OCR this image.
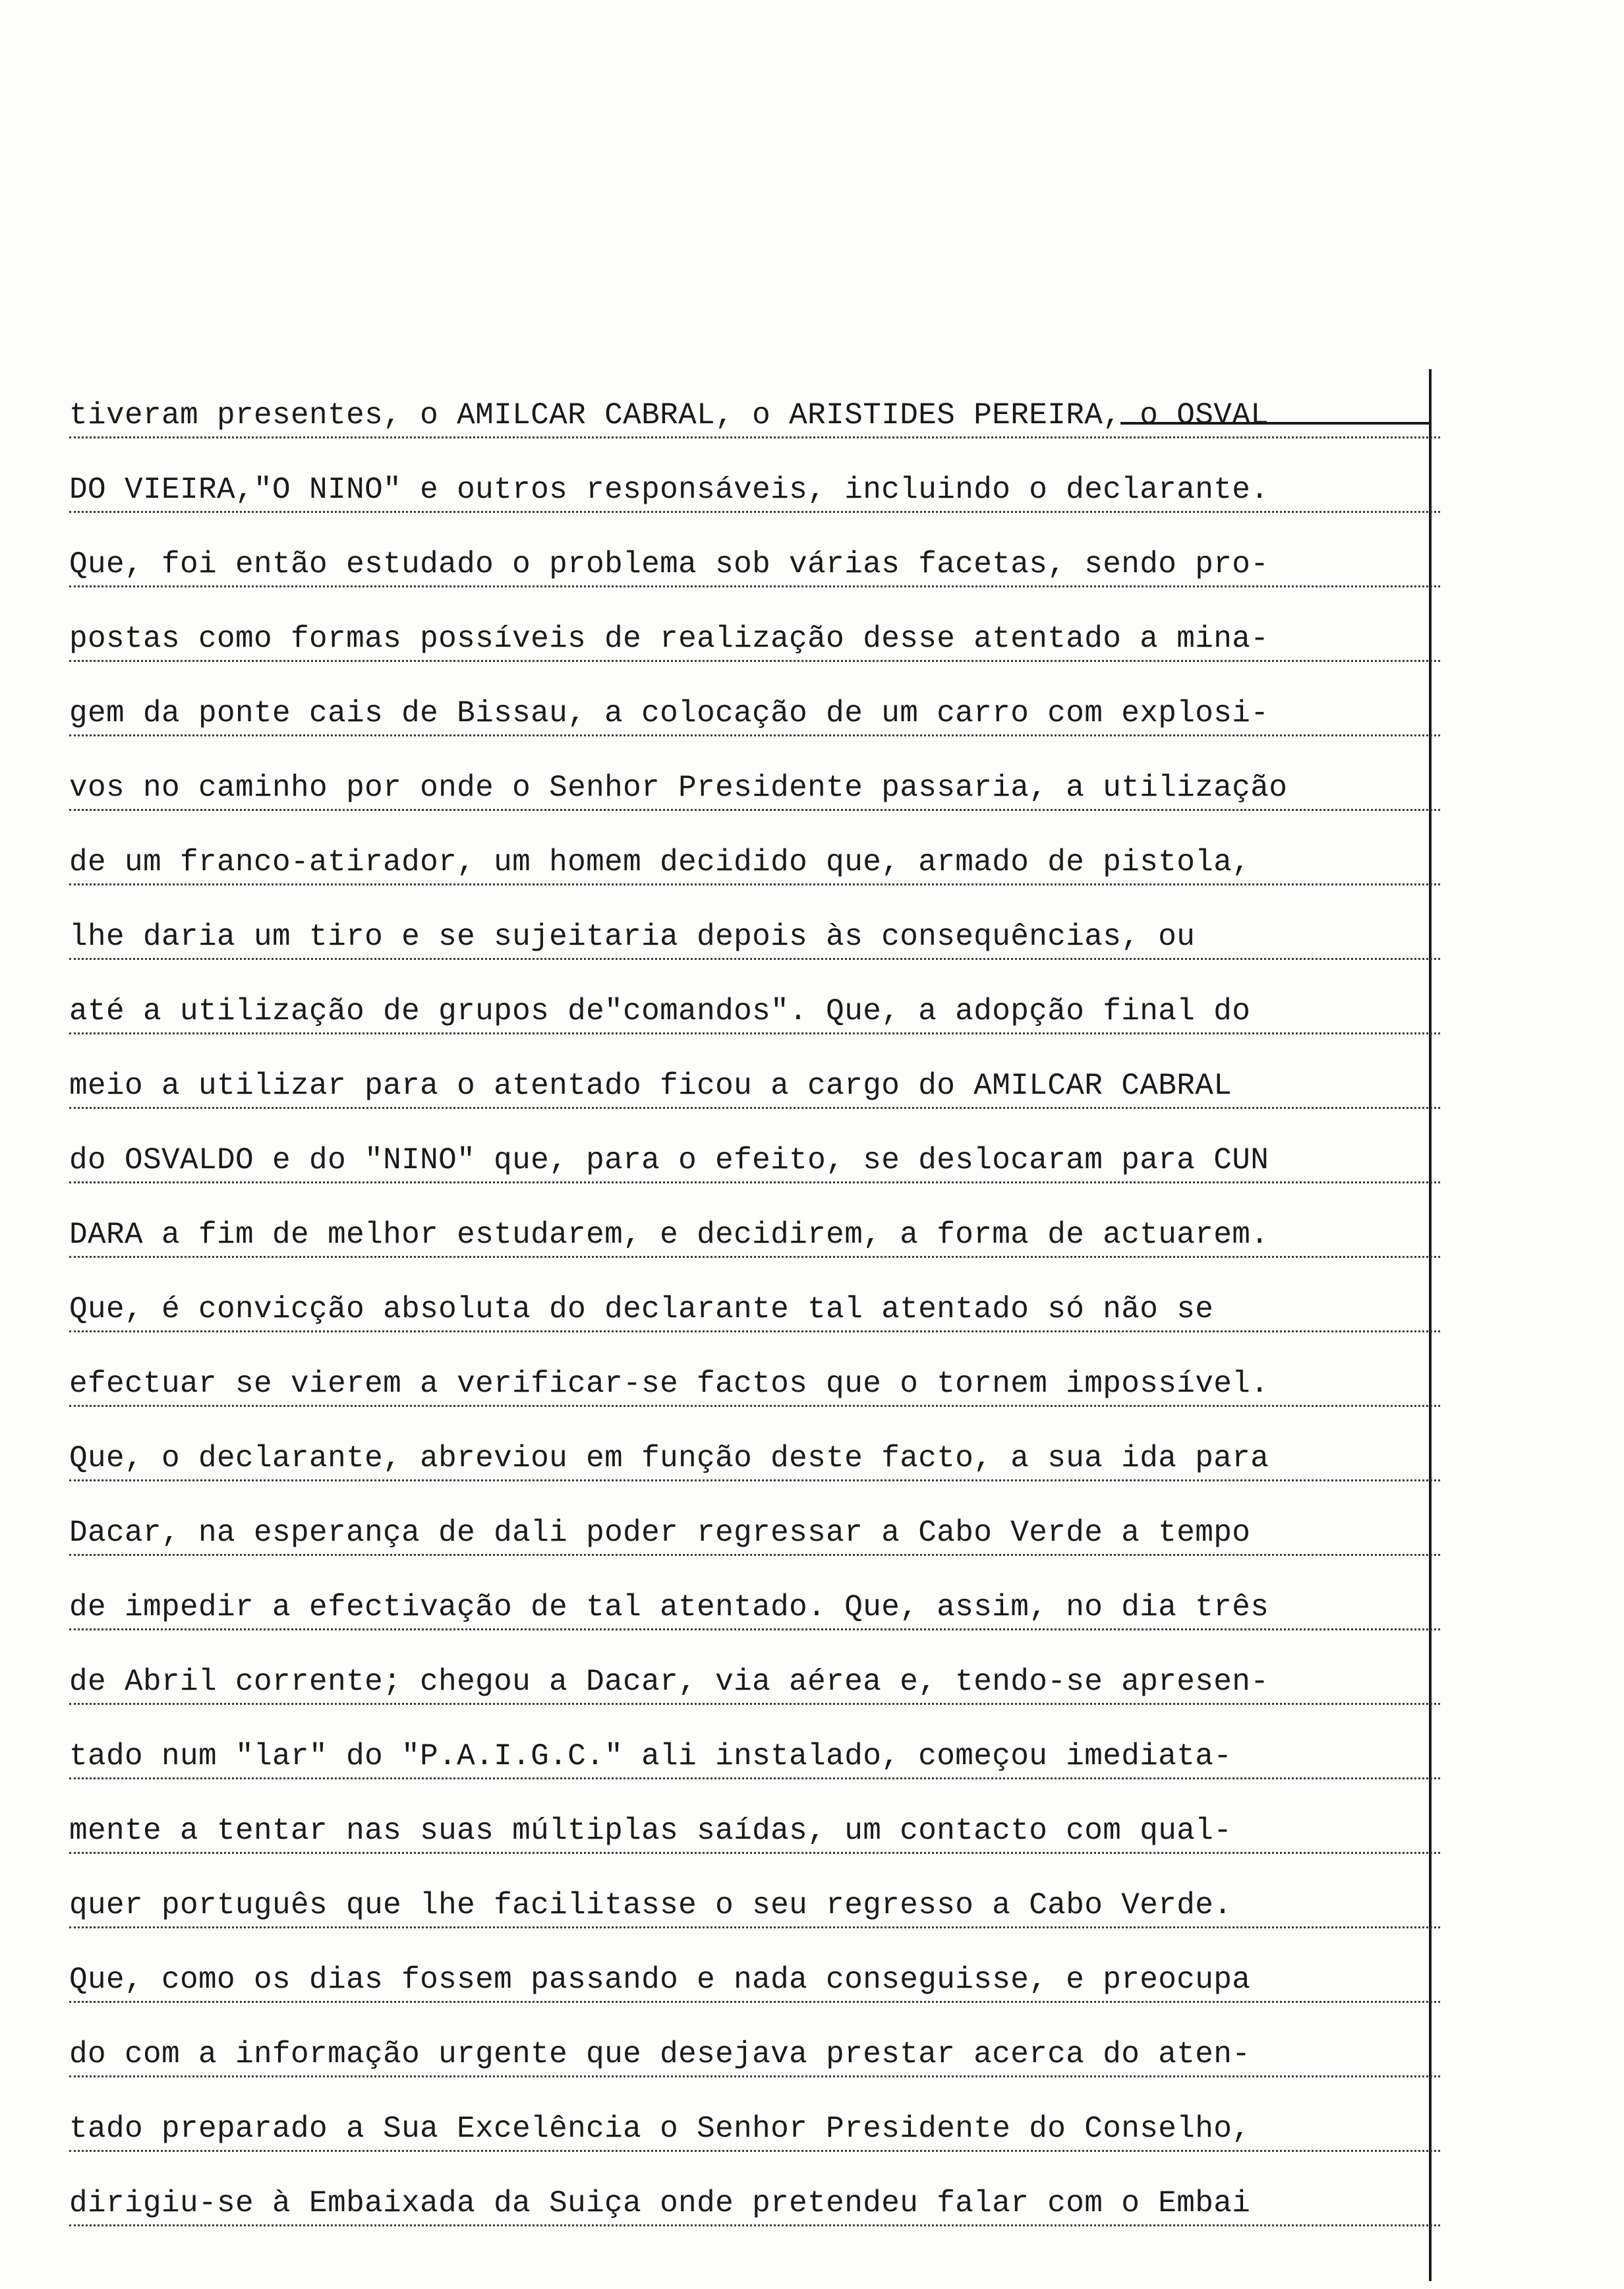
tiveram presentes, o AMILCAR CABRAL, o ARISTIDES PEREIRA, o OSVAL
DO VIEIRA,"O NINO" e outros responsáveis, incluindo o declarante.
Que, foi então estudado o problema sob várias facetas, sendo pro-
postas como formas possíveis de realização desse atentado a mina-
gem da ponte cais de Bissau, a colocação de um carro com explosi-
vos no caminho por onde o Senhor Presidente passaria, a utilização
de um franco-atirador, um homem decidido que, armado de pistola,
lhe daria um tiro e se sujeitaria depois às consequências, ou
até a utilização de grupos de"comandos". Que, a adopção final do
meio a utilizar para o atentado ficou a cargo do AMILCAR CABRAL
do OSVALDO e do "NINO" que, para o efeito, se deslocaram para CUN
DARA a fim de melhor estudarem, e decidirem, a forma de actuarem.
Que, é convicção absoluta do declarante tal atentado só não se
efectuar se vierem a verificar-se factos que o tornem impossível.
Que, o declarante, abreviou em função deste facto, a sua ida para
Dacar, na esperança de dali poder regressar a Cabo Verde a tempo
de impedir a efectivação de tal atentado. Que, assim, no dia três
de Abril corrente; chegou a Dacar, via aérea e, tendo-se apresen-
tado num "lar" do "P.A.I.G.C." ali instalado, começou imediata-
mente a tentar nas suas múltiplas saídas, um contacto com qual-
quer português que lhe facilitasse o seu regresso a Cabo Verde.
Que, como os dias fossem passando e nada conseguisse, e preocupa
do com a informação urgente que desejava prestar acerca do aten-
tado preparado a Sua Excelência o Senhor Presidente do Conselho,
dirigiu-se à Embaixada da Suiça onde pretendeu falar com o Embai
